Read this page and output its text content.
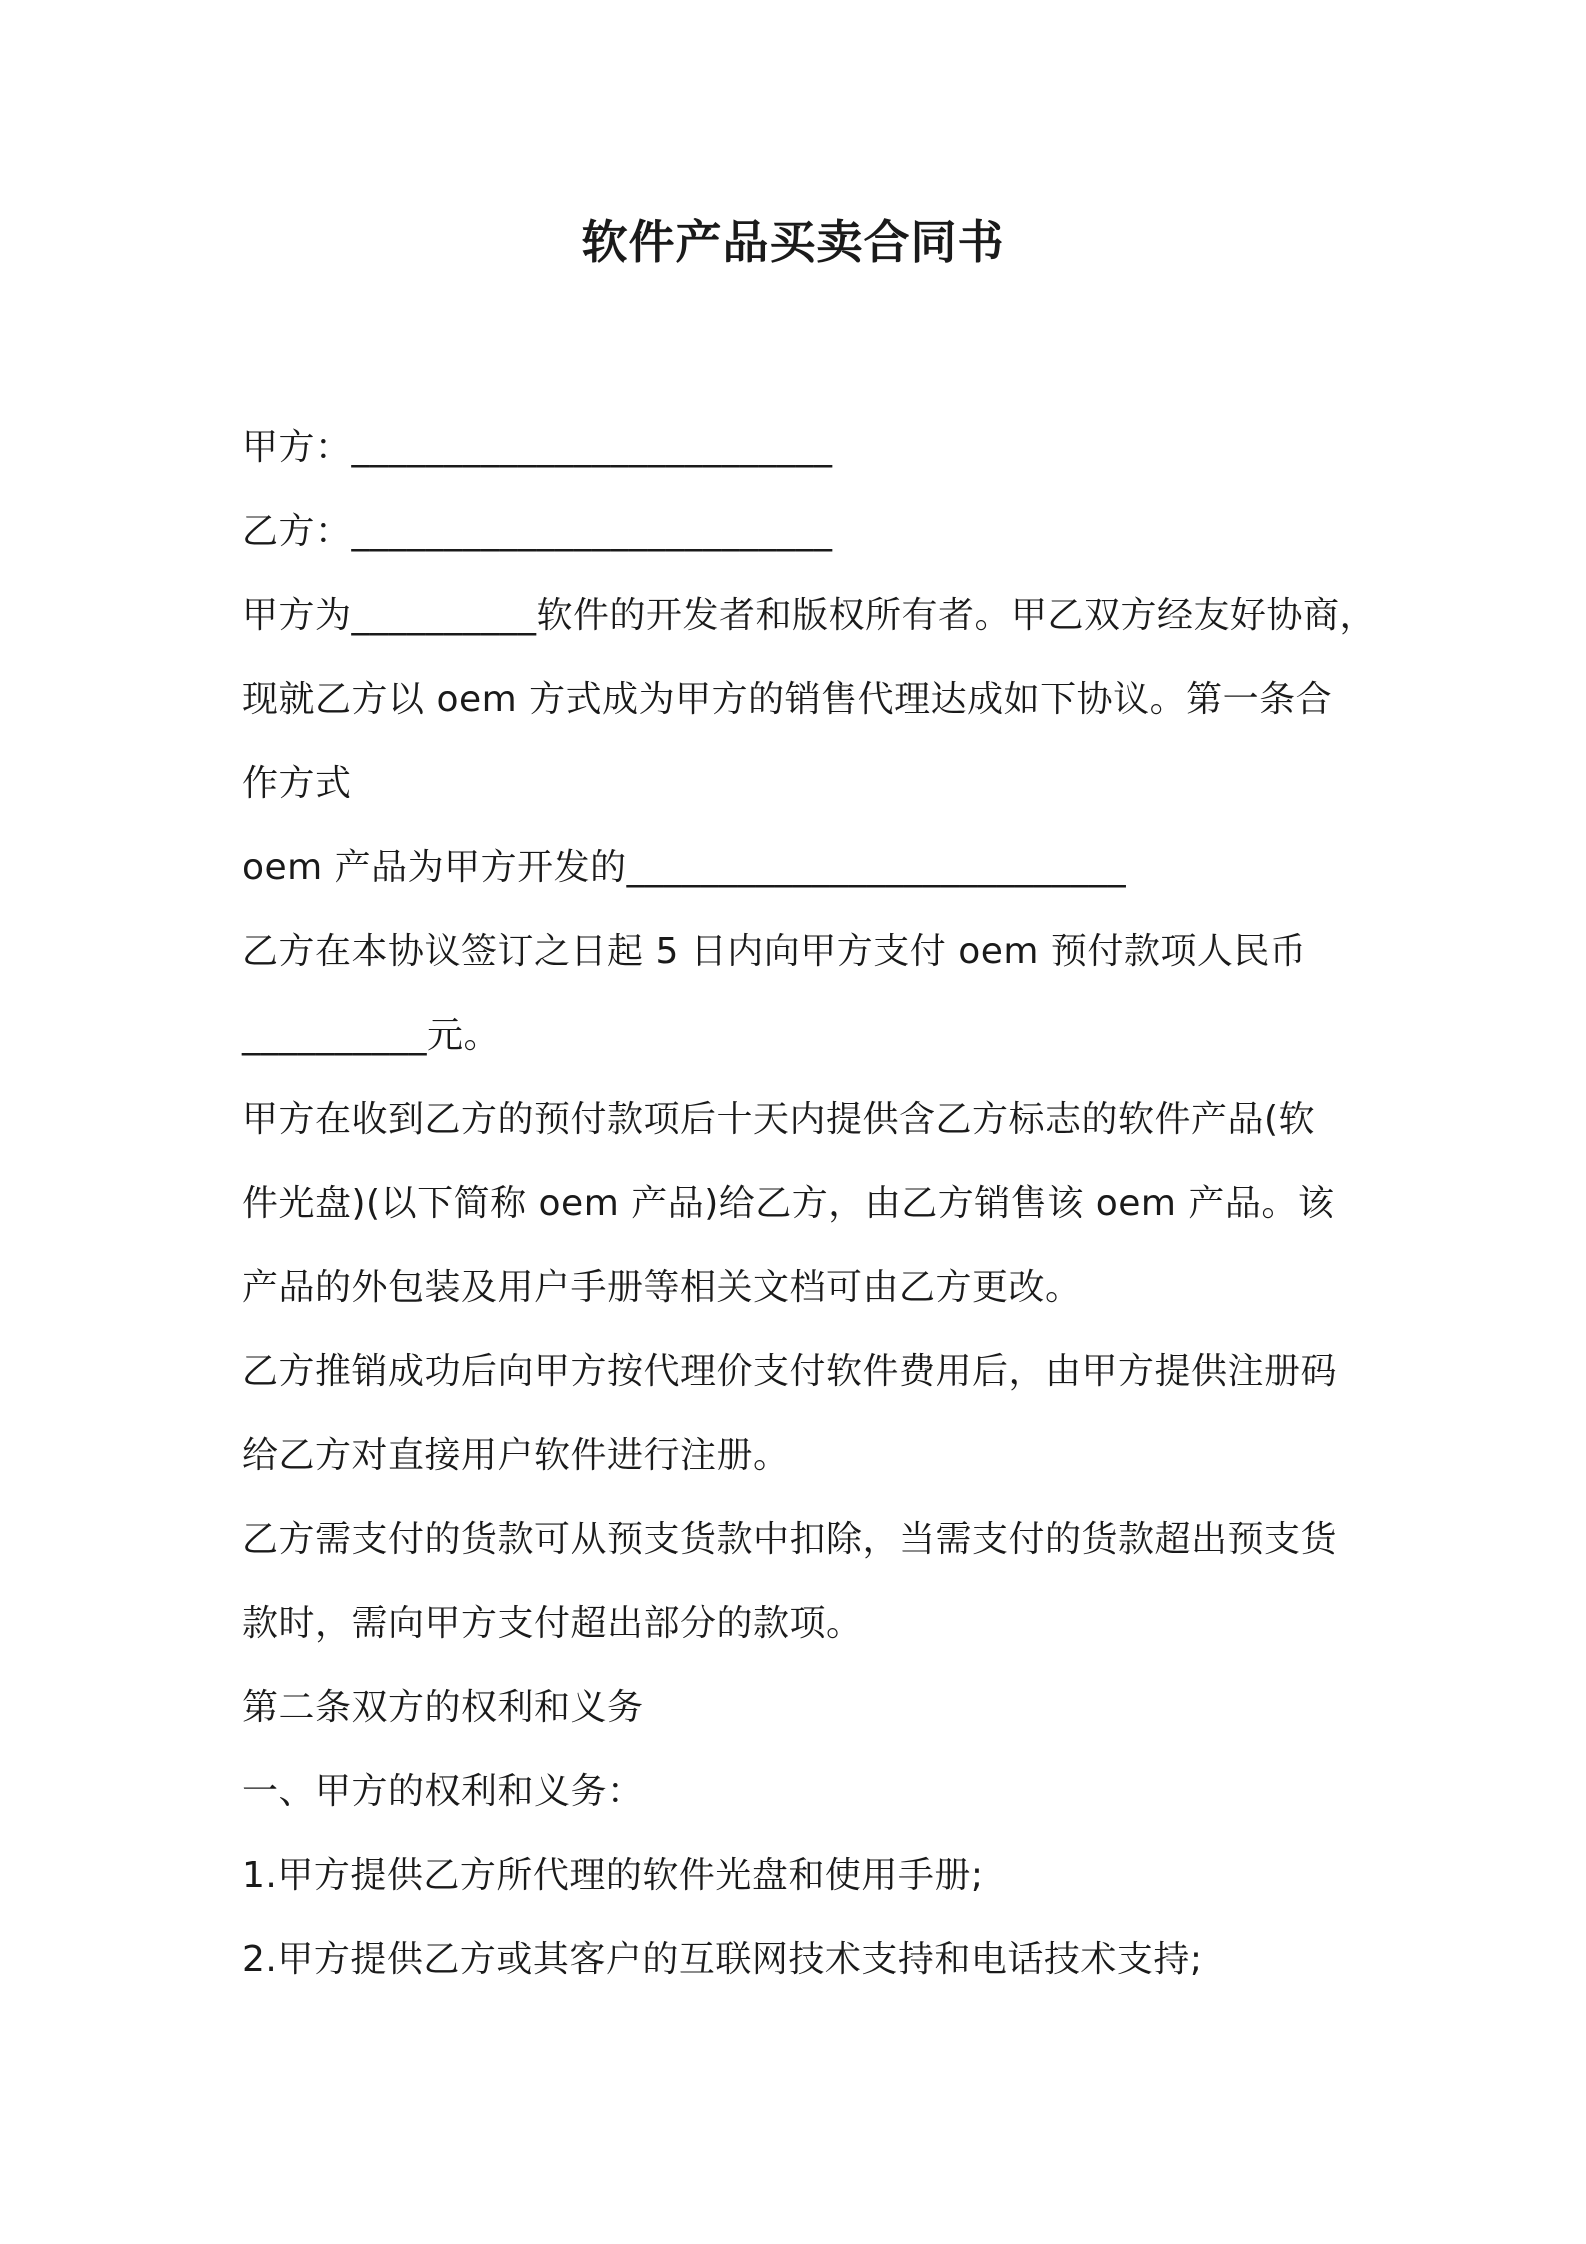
软件产品买卖合同书
甲方：__________________________
乙方：__________________________
甲方为__________软件的开发者和版权所有者。甲乙双方经友好协商，
现就乙方以 oem 方式成为甲方的销售代理达成如下协议。第一条合
作方式
oem 产品为甲方开发的___________________________
乙方在本协议签订之日起 5 日内向甲方支付 oem 预付款项人民币
__________元。
甲方在收到乙方的预付款项后十天内提供含乙方标志的软件产品(软
件光盘)(以下简称 oem 产品)给乙方，由乙方销售该 oem 产品。该
产品的外包装及用户手册等相关文档可由乙方更改。
乙方推销成功后向甲方按代理价支付软件费用后，由甲方提供注册码
给乙方对直接用户软件进行注册。
乙方需支付的货款可从预支货款中扣除，当需支付的货款超出预支货
款时，需向甲方支付超出部分的款项。
第二条双方的权利和义务
一、甲方的权利和义务：
1.甲方提供乙方所代理的软件光盘和使用手册;
2.甲方提供乙方或其客户的互联网技术支持和电话技术支持;
